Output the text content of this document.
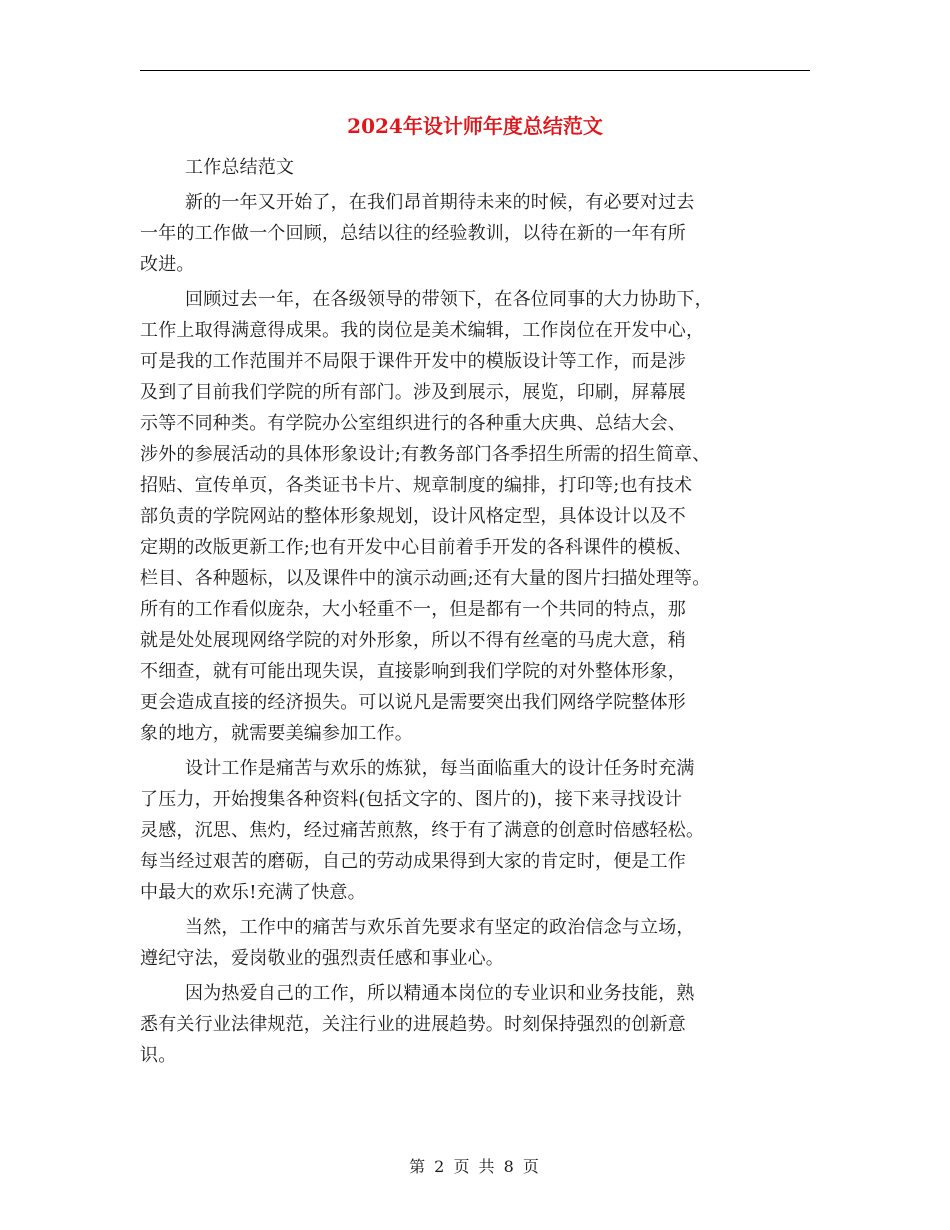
2024年设计师年度总结范文

工作总结范文

新的一年又开始了，在我们昂首期待未来的时候，有必要对过去
一年的工作做一个回顾，总结以往的经验教训，以待在新的一年有所
改进。

回顾过去一年，在各级领导的带领下，在各位同事的大力协助下，
工作上取得满意得成果。我的岗位是美术编辑，工作岗位在开发中心，
可是我的工作范围并不局限于课件开发中的模版设计等工作，而是涉
及到了目前我们学院的所有部门。涉及到展示，展览，印刷，屏幕展
示等不同种类。有学院办公室组织进行的各种重大庆典、总结大会、
涉外的参展活动的具体形象设计;有教务部门各季招生所需的招生简章、
招贴、宣传单页，各类证书卡片、规章制度的编排，打印等;也有技术
部负责的学院网站的整体形象规划，设计风格定型，具体设计以及不
定期的改版更新工作;也有开发中心目前着手开发的各科课件的模板、
栏目、各种题标，以及课件中的演示动画;还有大量的图片扫描处理等。
所有的工作看似庞杂，大小轻重不一，但是都有一个共同的特点，那
就是处处展现网络学院的对外形象，所以不得有丝毫的马虎大意，稍
不细查，就有可能出现失误，直接影响到我们学院的对外整体形象，
更会造成直接的经济损失。可以说凡是需要突出我们网络学院整体形
象的地方，就需要美编参加工作。

设计工作是痛苦与欢乐的炼狱，每当面临重大的设计任务时充满
了压力，开始搜集各种资料(包括文字的、图片的)，接下来寻找设计
灵感，沉思、焦灼，经过痛苦煎熬，终于有了满意的创意时倍感轻松。
每当经过艰苦的磨砺，自己的劳动成果得到大家的肯定时，便是工作
中最大的欢乐!充满了快意。

当然，工作中的痛苦与欢乐首先要求有坚定的政治信念与立场，
遵纪守法，爱岗敬业的强烈责任感和事业心。

因为热爱自己的工作，所以精通本岗位的专业识和业务技能，熟
悉有关行业法律规范，关注行业的进展趋势。时刻保持强烈的创新意
识。

第 2 页 共 8 页
